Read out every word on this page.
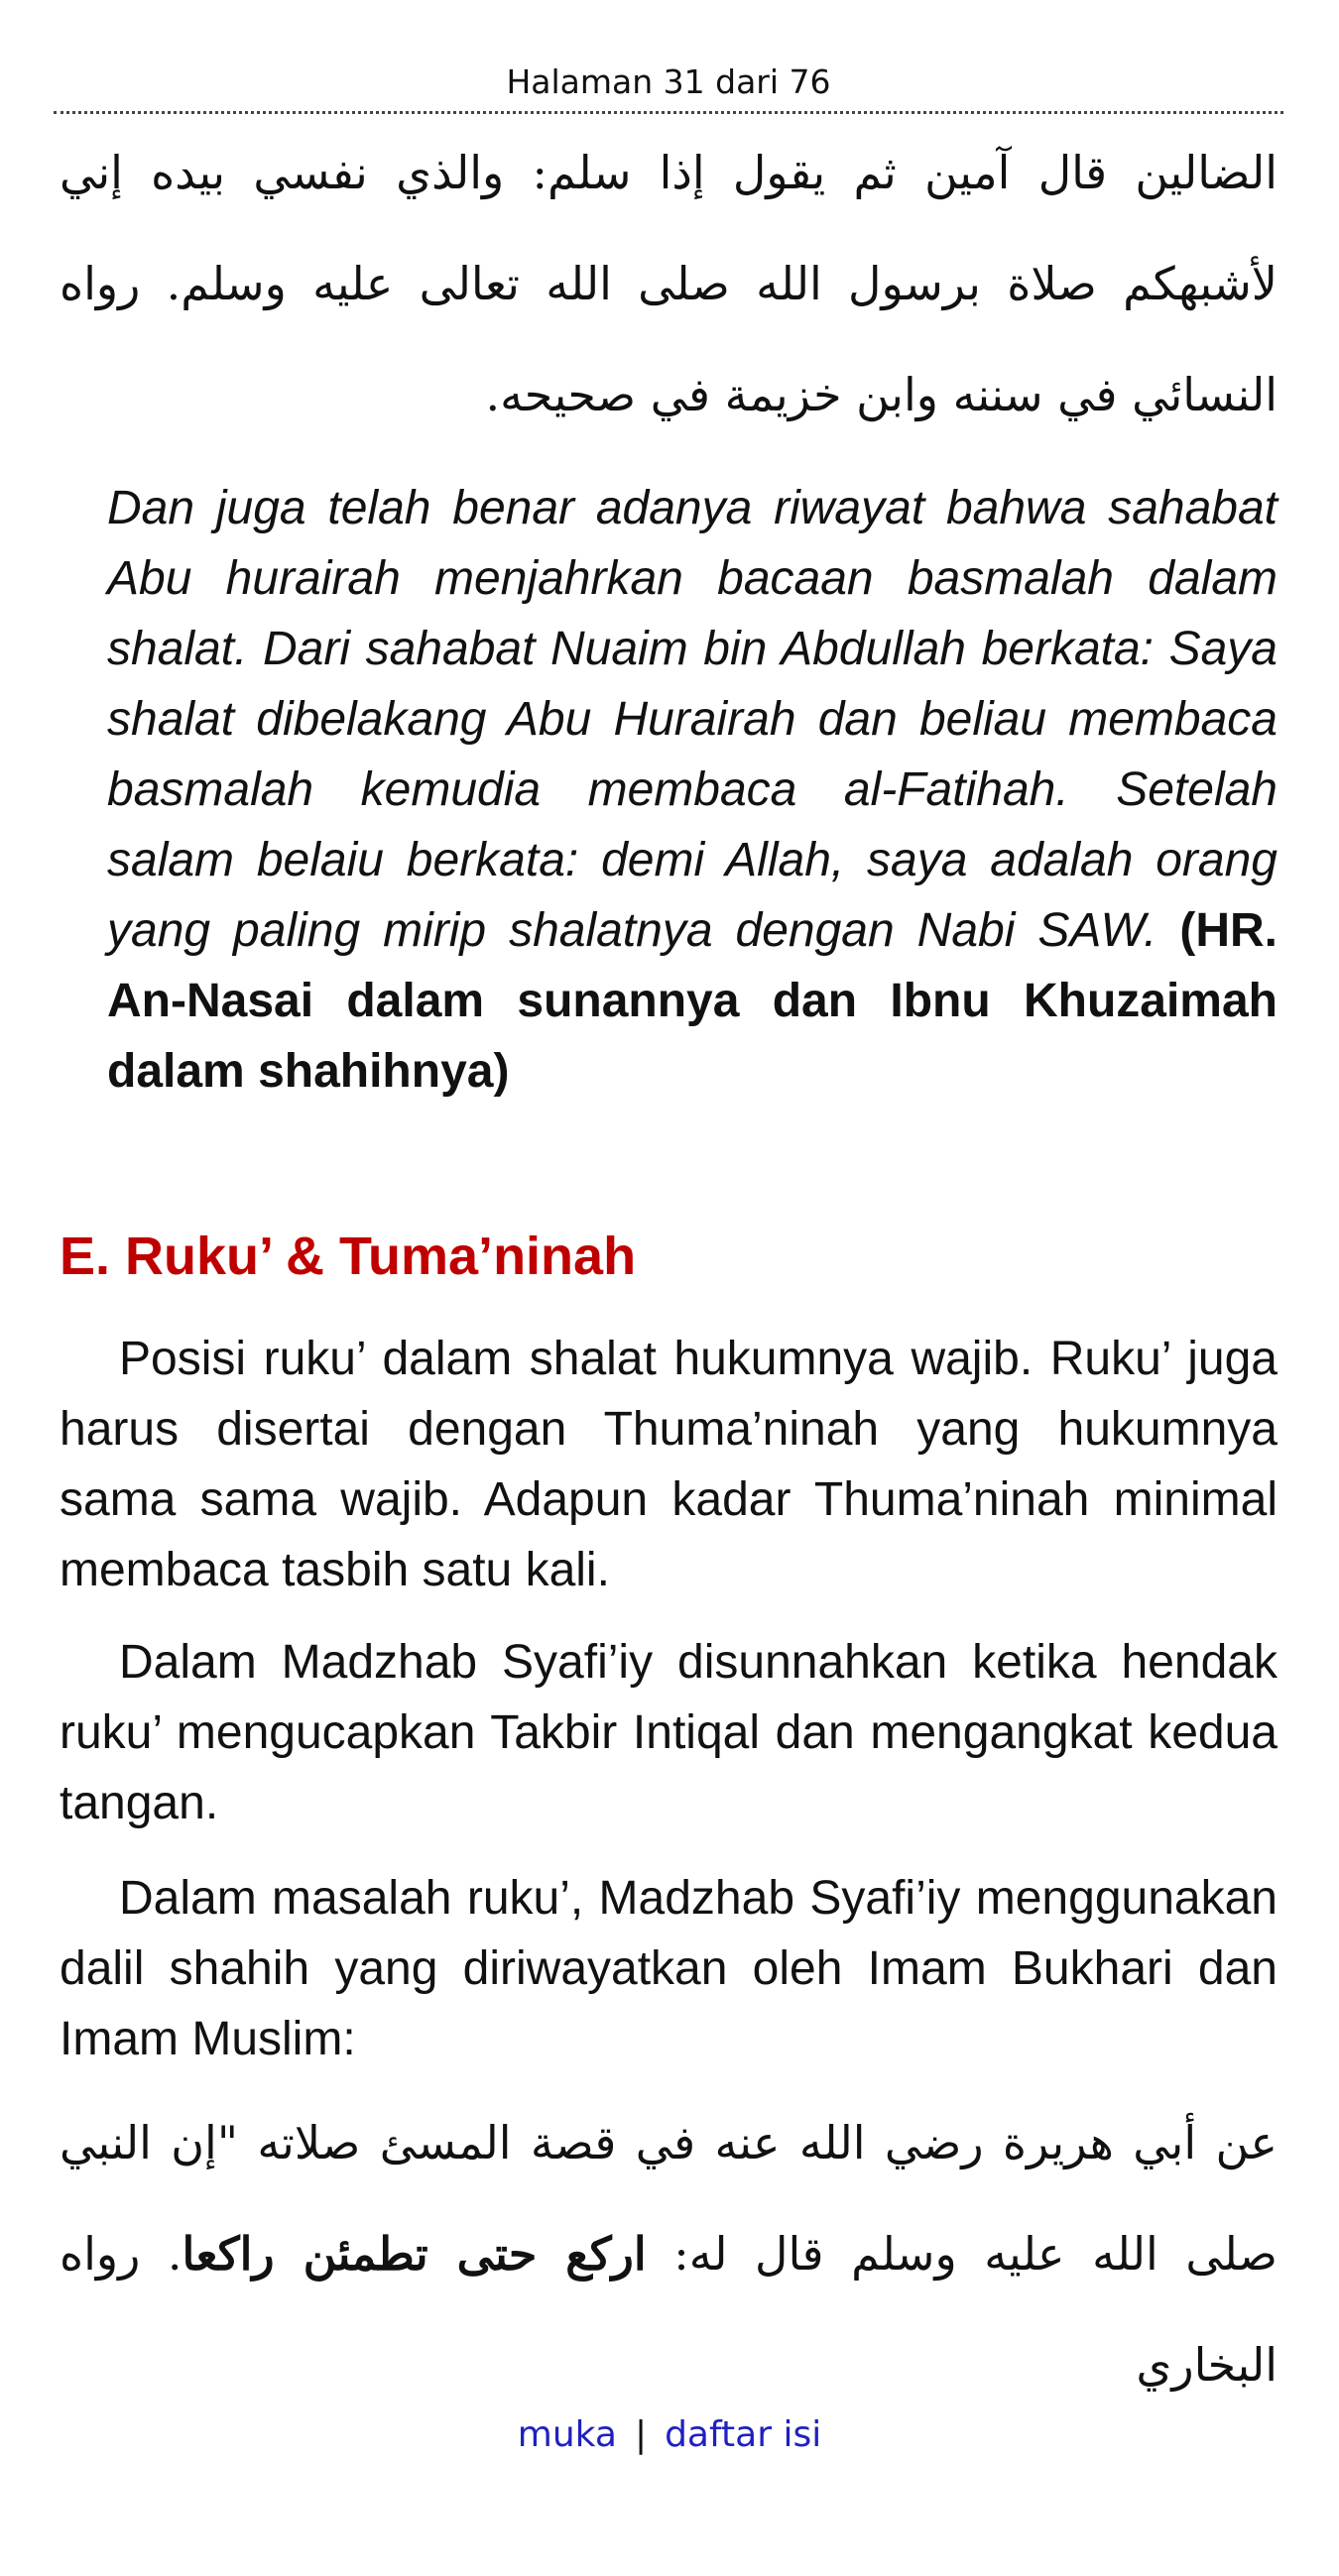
Halaman 31 dari 76
الضالين قال آمين ثم يقول إذا سلم: والذي نفسي بيده إني لأشبهكم صلاة برسول الله صلى الله تعالى عليه وسلم. رواه النسائي في سننه وابن خزيمة في صحيحه.
Dan juga telah benar adanya riwayat bahwa sahabat Abu hurairah menjahrkan bacaan basmalah dalam shalat. Dari sahabat Nuaim bin Abdullah berkata: Saya shalat dibelakang Abu Hurairah dan beliau membaca basmalah kemudia membaca al-Fatihah. Setelah salam belaiu berkata: demi Allah, saya adalah orang yang paling mirip shalatnya dengan Nabi SAW. (HR. An-Nasai dalam sunannya dan Ibnu Khuzaimah dalam shahihnya)
E. Ruku’ & Tuma’ninah

Posisi ruku’ dalam shalat hukumnya wajib. Ruku’ juga harus disertai dengan Thuma’ninah yang hukumnya sama sama wajib. Adapun kadar Thuma’ninah minimal membaca tasbih satu kali.

Dalam Madzhab Syafi’iy disunnahkan ketika hendak ruku’ mengucapkan Takbir Intiqal dan mengangkat kedua tangan.

Dalam masalah ruku’, Madzhab Syafi’iy menggunakan dalil shahih yang diriwayatkan oleh Imam Bukhari dan Imam Muslim:

عن أبي هريرة رضي الله عنه في قصة المسئ صلاته "إن النبي صلى الله عليه وسلم قال له: اركع حتى تطمئن راكعا. رواه البخاري
muka | daftar isi
